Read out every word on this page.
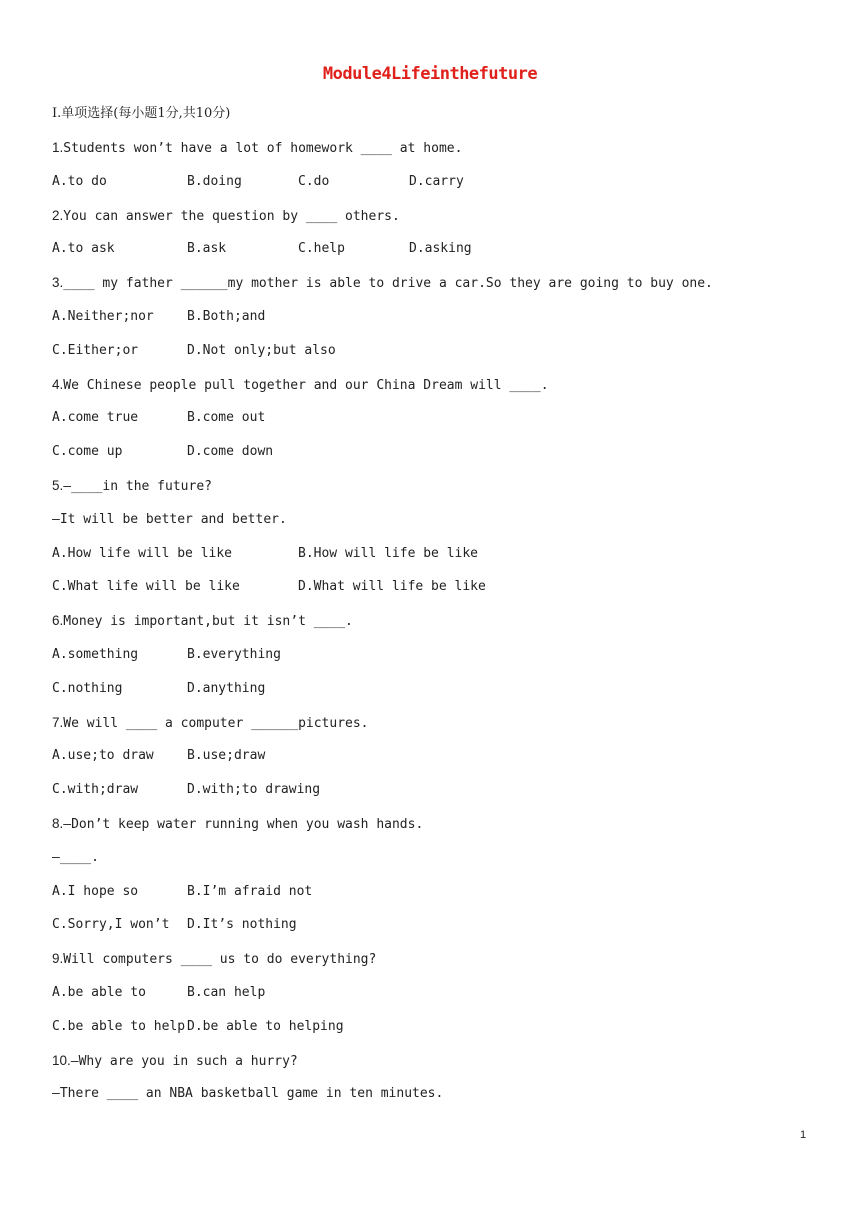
Module4Lifeinthefuture
Ⅰ.单项选择(每小题1分,共10分)
1.Students won’t have a lot of homework ____ at home.
A.to do	B.doing	C.do	D.carry
2.You can answer the question by ____ others.
A.to ask	B.ask	C.help	D.asking
3.____ my father ______my mother is able to drive a car.So they are going to buy one.
A.Neither;nor	B.Both;and
C.Either;or	D.Not only;but also
4.We Chinese people pull together and our China Dream will ____.
A.come true	B.come out
C.come up	D.come down
5.—____in the future?
—It will be better and better.
A.How life will be like	B.How will life be like
C.What life will be like	D.What will life be like
6.Money is important,but it isn’t ____.
A.something	B.everything
C.nothing	D.anything
7.We will ____ a computer ______pictures.
A.use;to draw	B.use;draw
C.with;draw	D.with;to drawing
8.—Don’t keep water running when you wash hands.
—____.
A.I hope so	B.I’m afraid not
C.Sorry,I won’t D.It’s nothing
9.Will computers ____ us to do everything?
A.be able to	B.can help
C.be able to help D.be able to helping
10.—Why are you in such a hurry?
—There ____ an NBA basketball game in ten minutes.
1
